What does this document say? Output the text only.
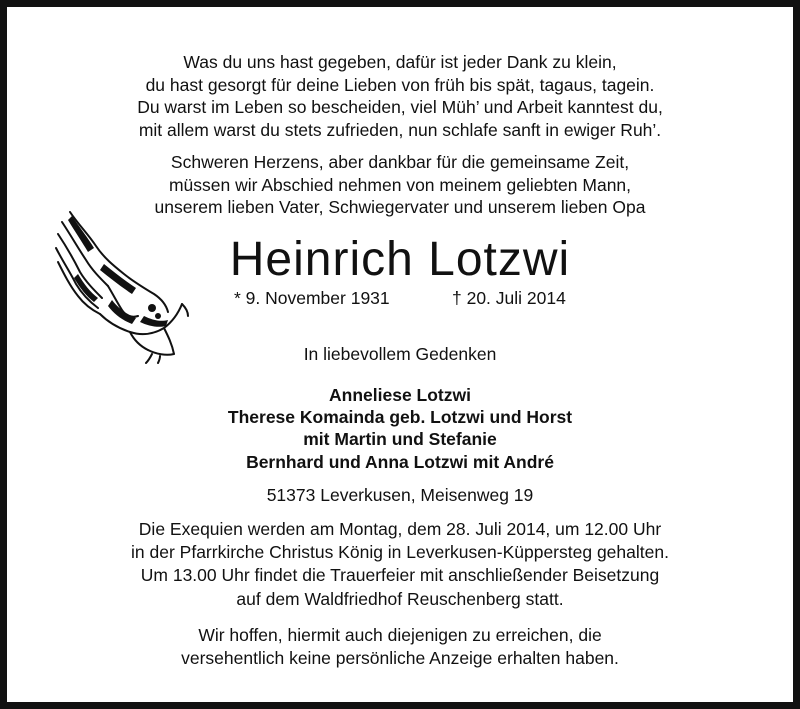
Was du uns hast gegeben, dafür ist jeder Dank zu klein,
du hast gesorgt für deine Lieben von früh bis spät, tagaus, tagein.
Du warst im Leben so bescheiden, viel Müh’ und Arbeit kanntest du,
mit allem warst du stets zufrieden, nun schlafe sanft in ewiger Ruh’.
Schweren Herzens, aber dankbar für die gemeinsame Zeit,
müssen wir Abschied nehmen von meinem geliebten Mann,
unserem lieben Vater, Schwiegervater und unserem lieben Opa
Heinrich Lotzwi
* 9. November 1931	† 20. Juli 2014
In liebevollem Gedenken
Anneliese Lotzwi
Therese Komainda geb. Lotzwi und Horst
mit Martin und Stefanie
Bernhard und Anna Lotzwi mit André
51373 Leverkusen, Meisenweg 19
Die Exequien werden am Montag, dem 28. Juli 2014, um 12.00 Uhr
in der Pfarrkirche Christus König in Leverkusen-Küppersteg gehalten.
Um 13.00 Uhr findet die Trauerfeier mit anschließender Beisetzung
auf dem Waldfriedhof Reuschenberg statt.
Wir hoffen, hiermit auch diejenigen zu erreichen, die
versehentlich keine persönliche Anzeige erhalten haben.
